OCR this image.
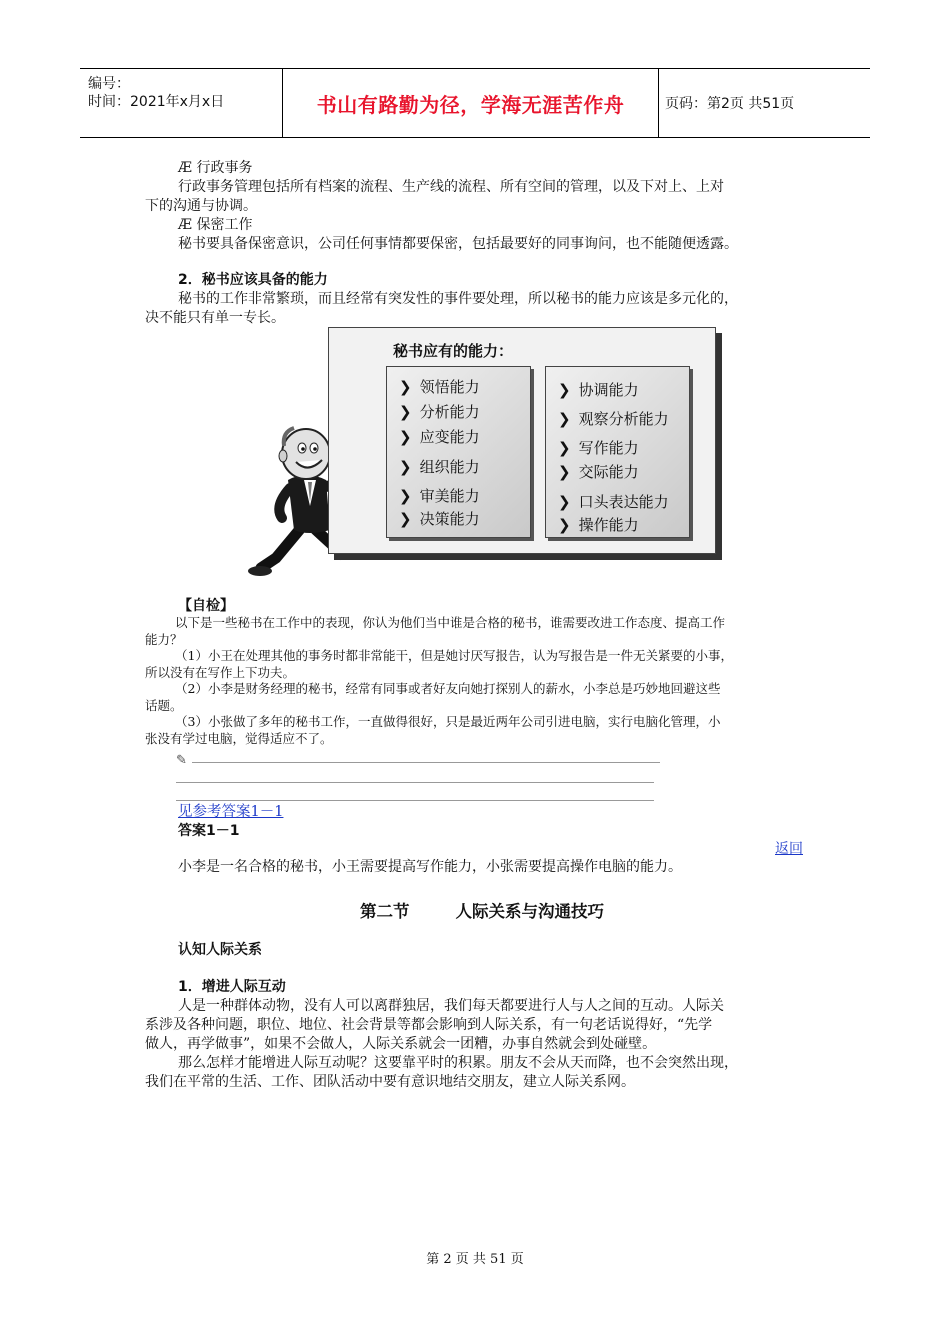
编号：
时间：2021年x月x日	书山有路勤为径，学海无涯苦作舟	页码：第2页 共51页
Æ 行政事务
行政事务管理包括所有档案的流程、生产线的流程、所有空间的管理，以及下对上、上对
下的沟通与协调。
Æ 保密工作
秘书要具备保密意识，公司任何事情都要保密，包括最要好的同事询问，也不能随便透露。
2．秘书应该具备的能力
秘书的工作非常繁琐，而且经常有突发性的事件要处理，所以秘书的能力应该是多元化的，
决不能只有单一专长。
秘书应有的能力：
❯ 领悟能力
❯ 分析能力
❯ 应变能力
❯ 组织能力
❯ 审美能力
❯ 决策能力
❯ 协调能力
❯ 观察分析能力
❯ 写作能力
❯ 交际能力
❯ 口头表达能力
❯ 操作能力
【自检】
以下是一些秘书在工作中的表现，你认为他们当中谁是合格的秘书，谁需要改进工作态度、提高工作
能力？
（1）小王在处理其他的事务时都非常能干，但是她讨厌写报告，认为写报告是一件无关紧要的小事，
所以没有在写作上下功夫。
（2）小李是财务经理的秘书，经常有同事或者好友向她打探别人的薪水，小李总是巧妙地回避这些
话题。
（3）小张做了多年的秘书工作，一直做得很好，只是最近两年公司引进电脑，实行电脑化管理，小
张没有学过电脑，觉得适应不了。
✎
见参考答案1－1
答案1－1
返回
小李是一名合格的秘书，小王需要提高写作能力，小张需要提高操作电脑的能力。
第二节        人际关系与沟通技巧
认知人际关系
1．增进人际互动
人是一种群体动物，没有人可以离群独居，我们每天都要进行人与人之间的互动。人际关
系涉及各种问题，职位、地位、社会背景等都会影响到人际关系，有一句老话说得好，“先学
做人，再学做事”，如果不会做人，人际关系就会一团糟，办事自然就会到处碰壁。
那么怎样才能增进人际互动呢？这要靠平时的积累。朋友不会从天而降，也不会突然出现，
我们在平常的生活、工作、团队活动中要有意识地结交朋友，建立人际关系网。
第 2 页 共 51 页
